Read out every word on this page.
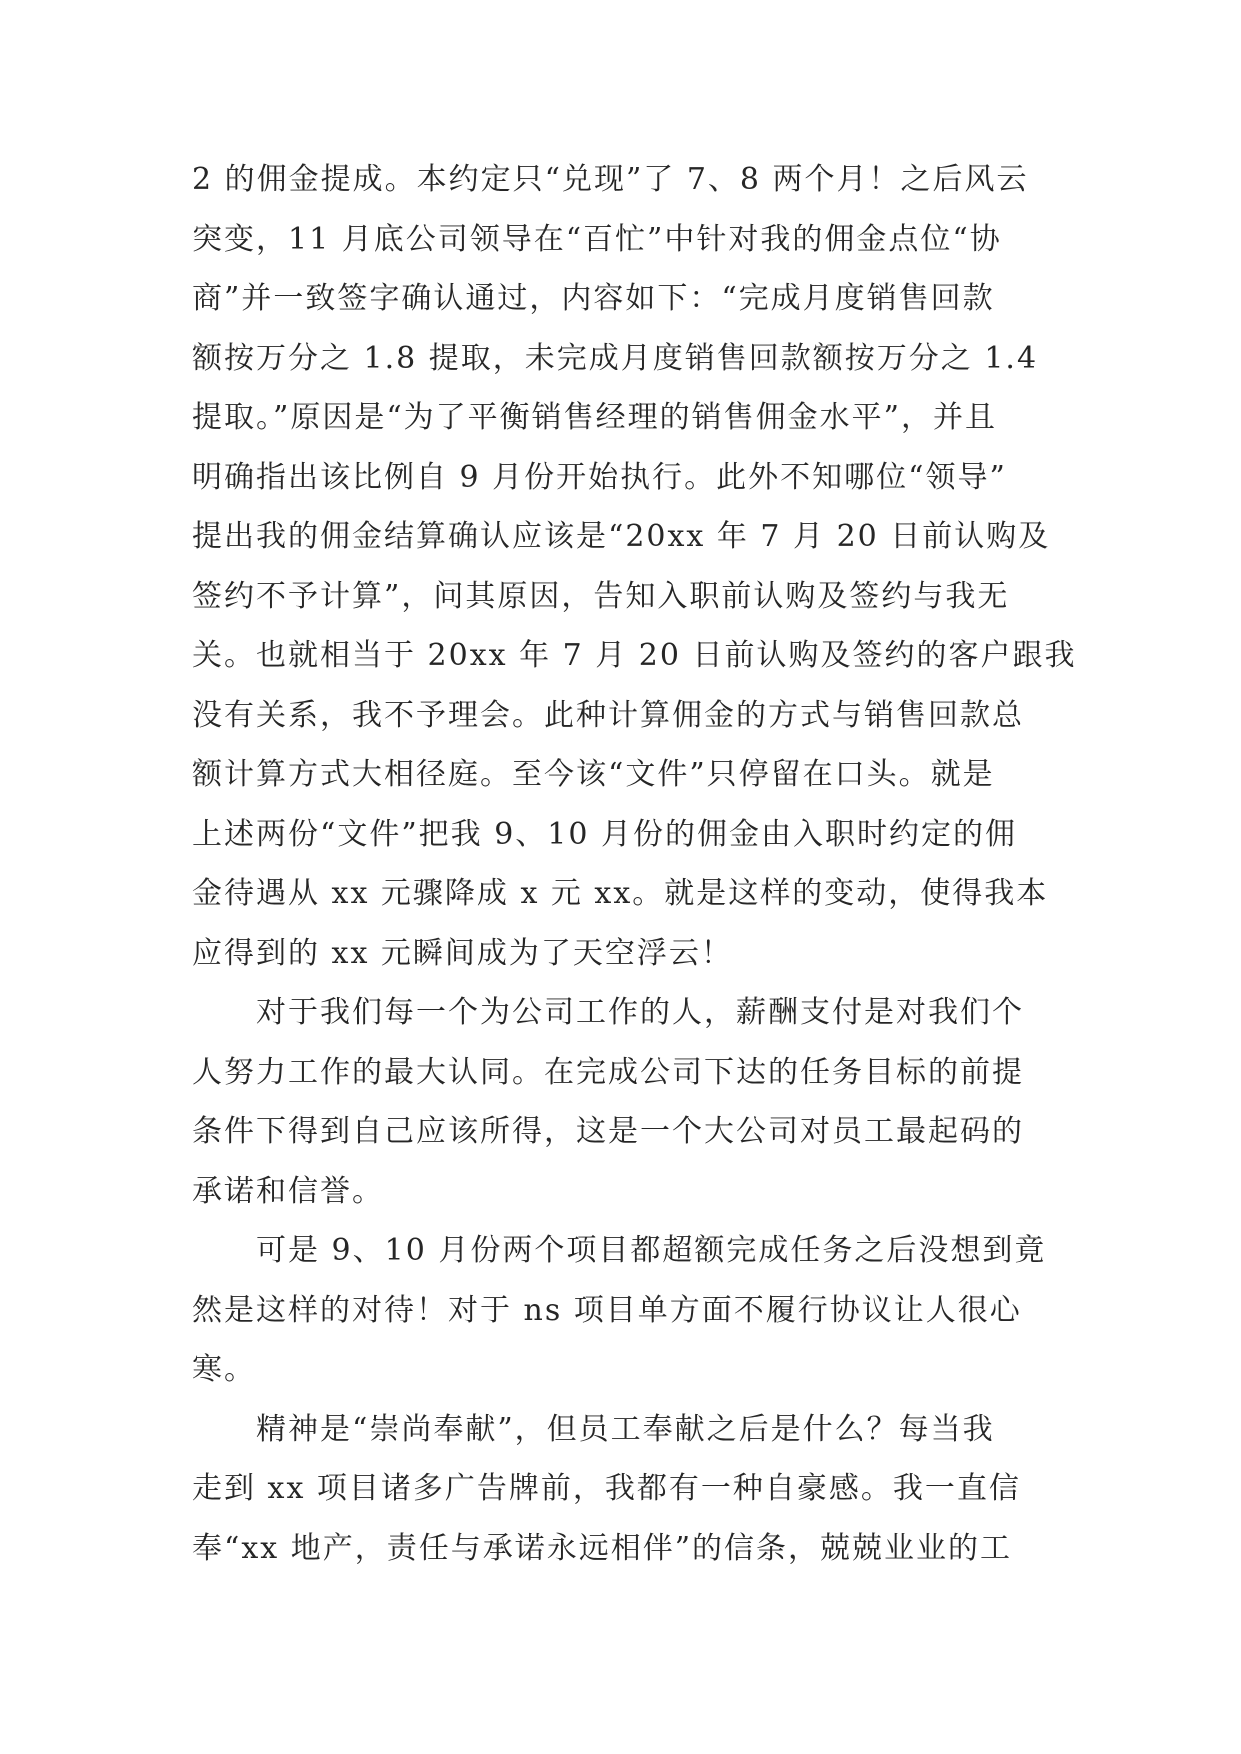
2 的佣金提成。本约定只“兑现”了 7、8 两个月！之后风云
突变，11 月底公司领导在“百忙”中针对我的佣金点位“协
商”并一致签字确认通过，内容如下：“完成月度销售回款
额按万分之 1.8 提取，未完成月度销售回款额按万分之 1.4
提取。”原因是“为了平衡销售经理的销售佣金水平”，并且
明确指出该比例自 9 月份开始执行。此外不知哪位“领导”
提出我的佣金结算确认应该是“20xx 年 7 月 20 日前认购及
签约不予计算”，问其原因，告知入职前认购及签约与我无
关。也就相当于 20xx 年 7 月 20 日前认购及签约的客户跟我
没有关系，我不予理会。此种计算佣金的方式与销售回款总
额计算方式大相径庭。至今该“文件”只停留在口头。就是
上述两份“文件”把我 9、10 月份的佣金由入职时约定的佣
金待遇从 xx 元骤降成 x 元 xx。就是这样的变动，使得我本
应得到的 xx 元瞬间成为了天空浮云！

对于我们每一个为公司工作的人，薪酬支付是对我们个
人努力工作的最大认同。在完成公司下达的任务目标的前提
条件下得到自己应该所得，这是一个大公司对员工最起码的
承诺和信誉。

可是 9、10 月份两个项目都超额完成任务之后没想到竟
然是这样的对待！对于 ns 项目单方面不履行协议让人很心
寒。

精神是“崇尚奉献”，但员工奉献之后是什么？每当我
走到 xx 项目诸多广告牌前，我都有一种自豪感。我一直信
奉“xx 地产，责任与承诺永远相伴”的信条，兢兢业业的工
